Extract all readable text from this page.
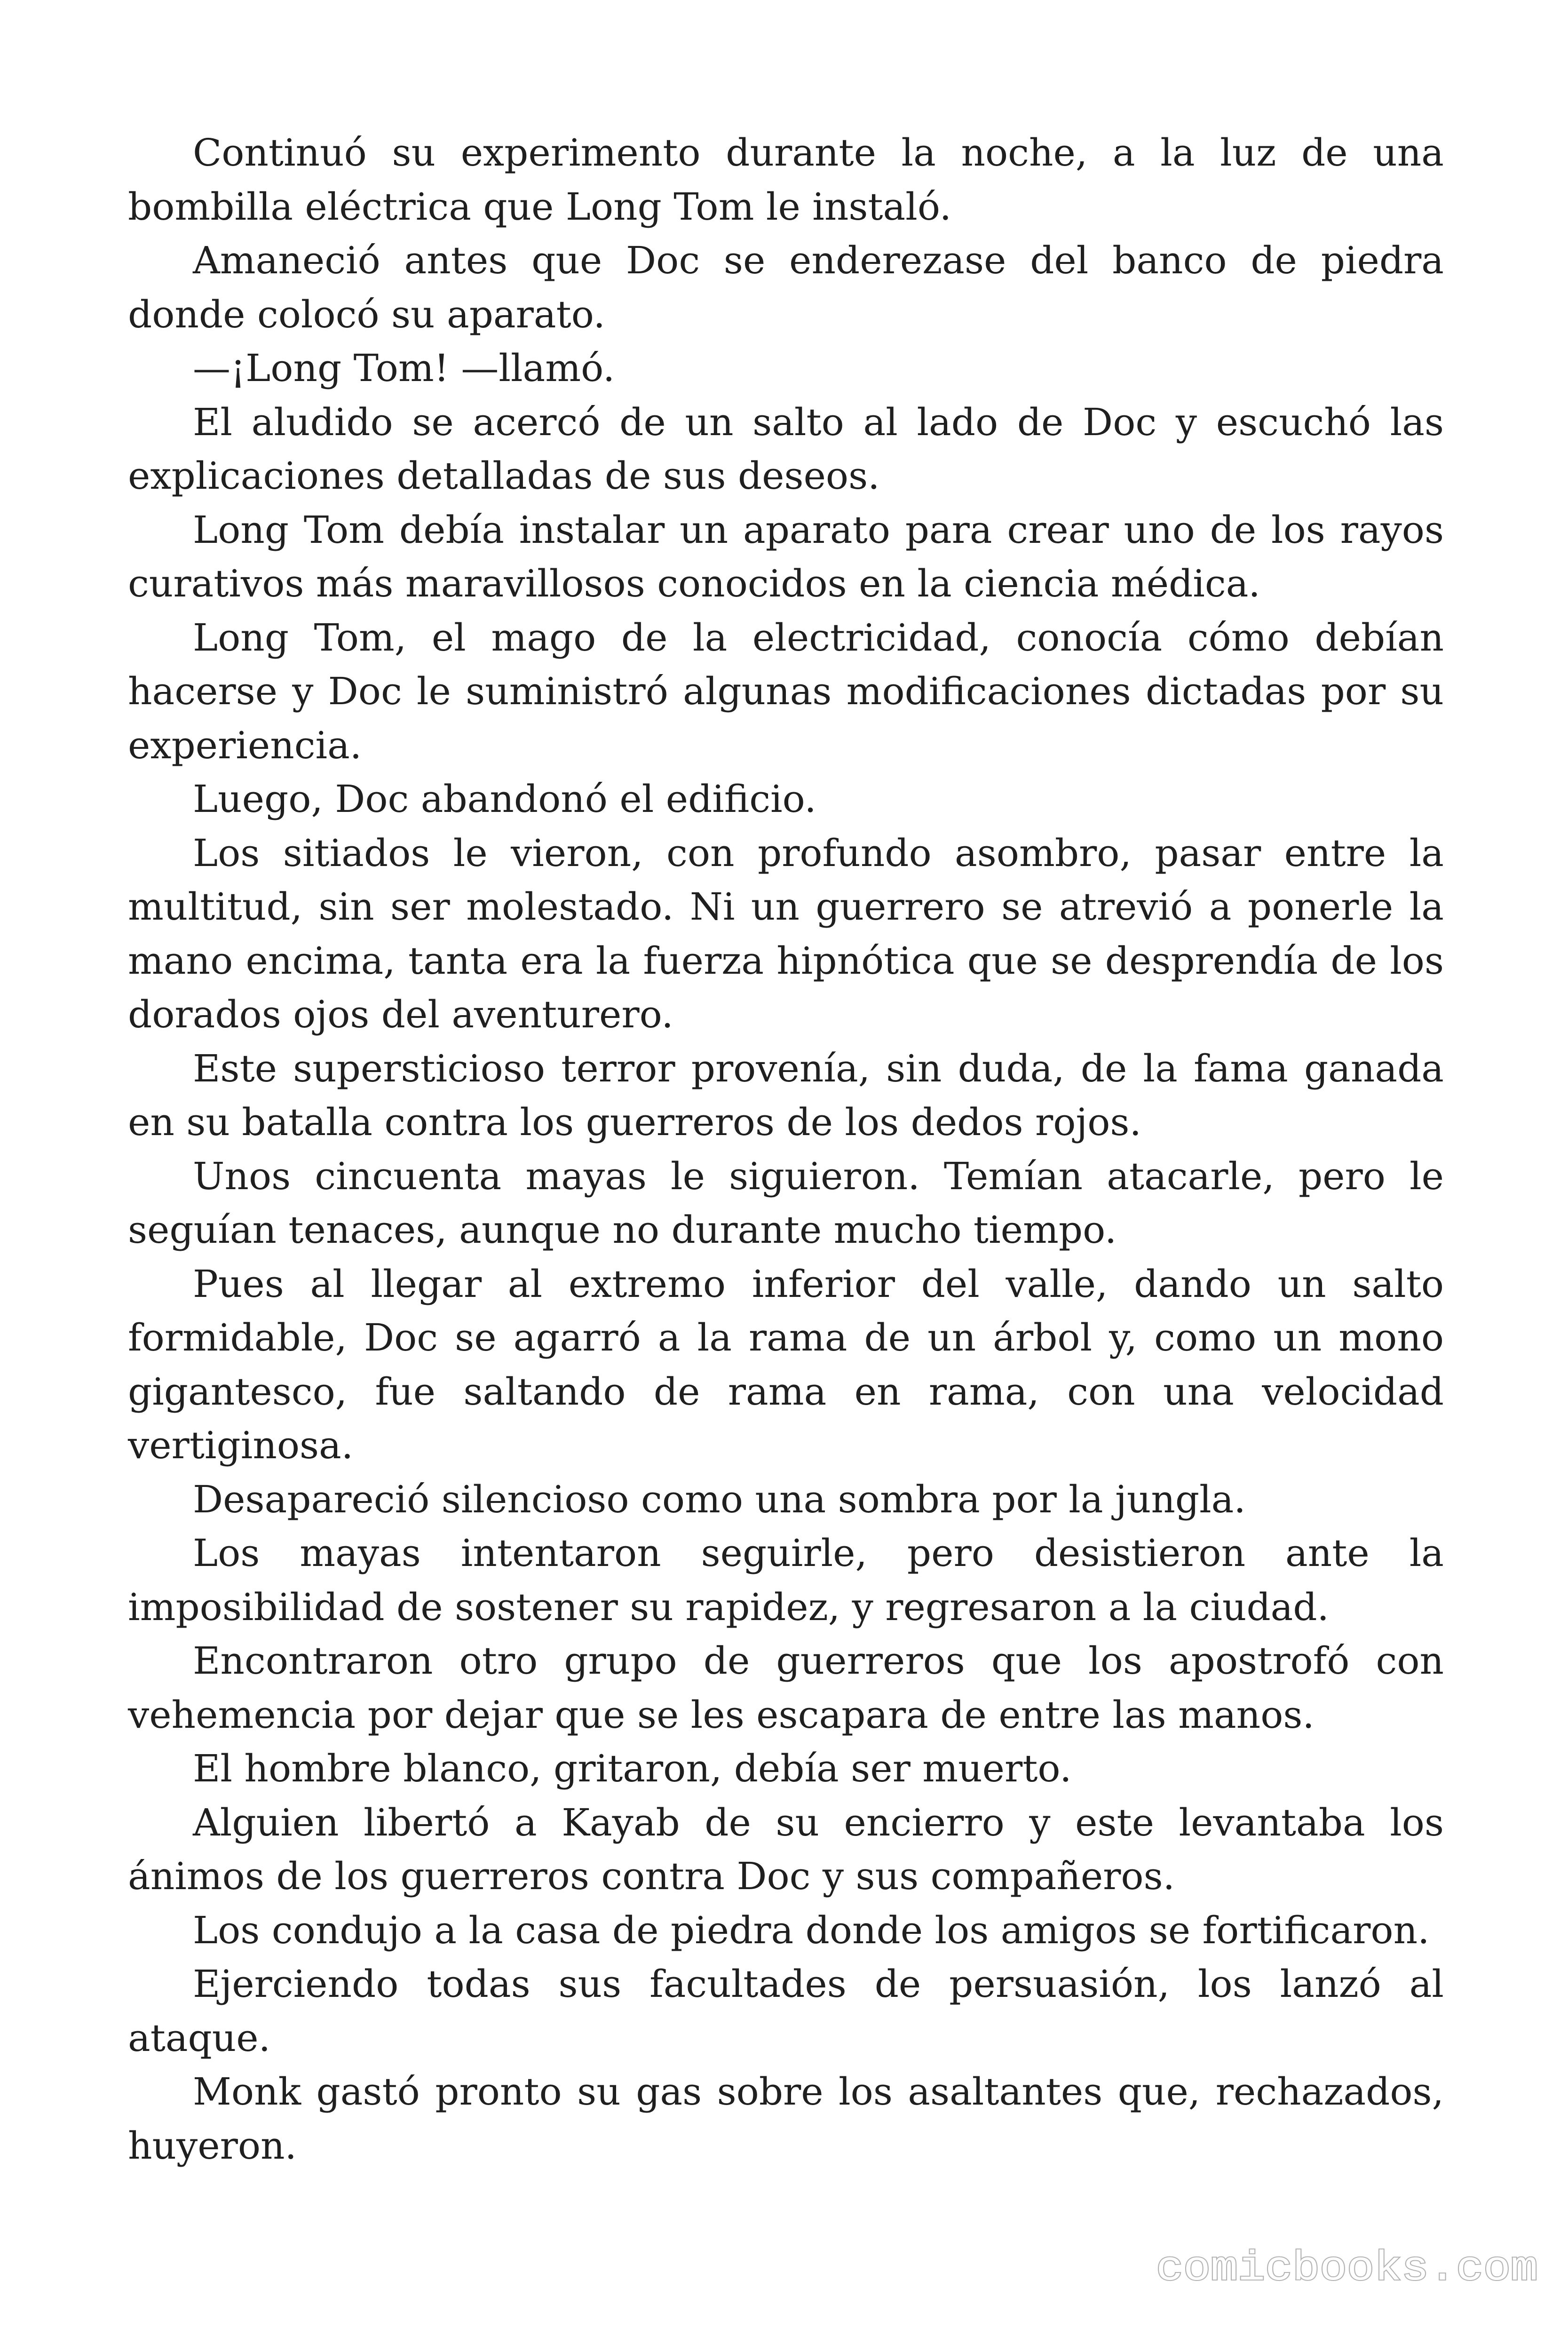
Continuó su experimento durante la noche, a la luz de una bombilla eléctrica que Long Tom le instaló.

Amaneció antes que Doc se enderezase del banco de piedra donde colocó su aparato.

—¡Long Tom! —llamó.

El aludido se acercó de un salto al lado de Doc y escuchó las explicaciones detalladas de sus deseos.

Long Tom debía instalar un aparato para crear uno de los rayos curativos más maravillosos conocidos en la ciencia médica.

Long Tom, el mago de la electricidad, conocía cómo debían hacerse y Doc le suministró algunas modificaciones dictadas por su experiencia.

Luego, Doc abandonó el edificio.

Los sitiados le vieron, con profundo asombro, pasar entre la multitud, sin ser molestado. Ni un guerrero se atrevió a ponerle la mano encima, tanta era la fuerza hipnótica que se desprendía de los dorados ojos del aventurero.

Este supersticioso terror provenía, sin duda, de la fama ganada en su batalla contra los guerreros de los dedos rojos.

Unos cincuenta mayas le siguieron. Temían atacarle, pero le seguían tenaces, aunque no durante mucho tiempo.

Pues al llegar al extremo inferior del valle, dando un salto formidable, Doc se agarró a la rama de un árbol y, como un mono gigantesco, fue saltando de rama en rama, con una velocidad vertiginosa.

Desapareció silencioso como una sombra por la jungla.

Los mayas intentaron seguirle, pero desistieron ante la imposibilidad de sostener su rapidez, y regresaron a la ciudad.

Encontraron otro grupo de guerreros que los apostrofó con vehemencia por dejar que se les escapara de entre las manos.

El hombre blanco, gritaron, debía ser muerto.

Alguien libertó a Kayab de su encierro y este levantaba los ánimos de los guerreros contra Doc y sus compañeros.

Los condujo a la casa de piedra donde los amigos se fortificaron.

Ejerciendo todas sus facultades de persuasión, los lanzó al ataque.

Monk gastó pronto su gas sobre los asaltantes que, rechazados, huyeron.

comicbooks.com
